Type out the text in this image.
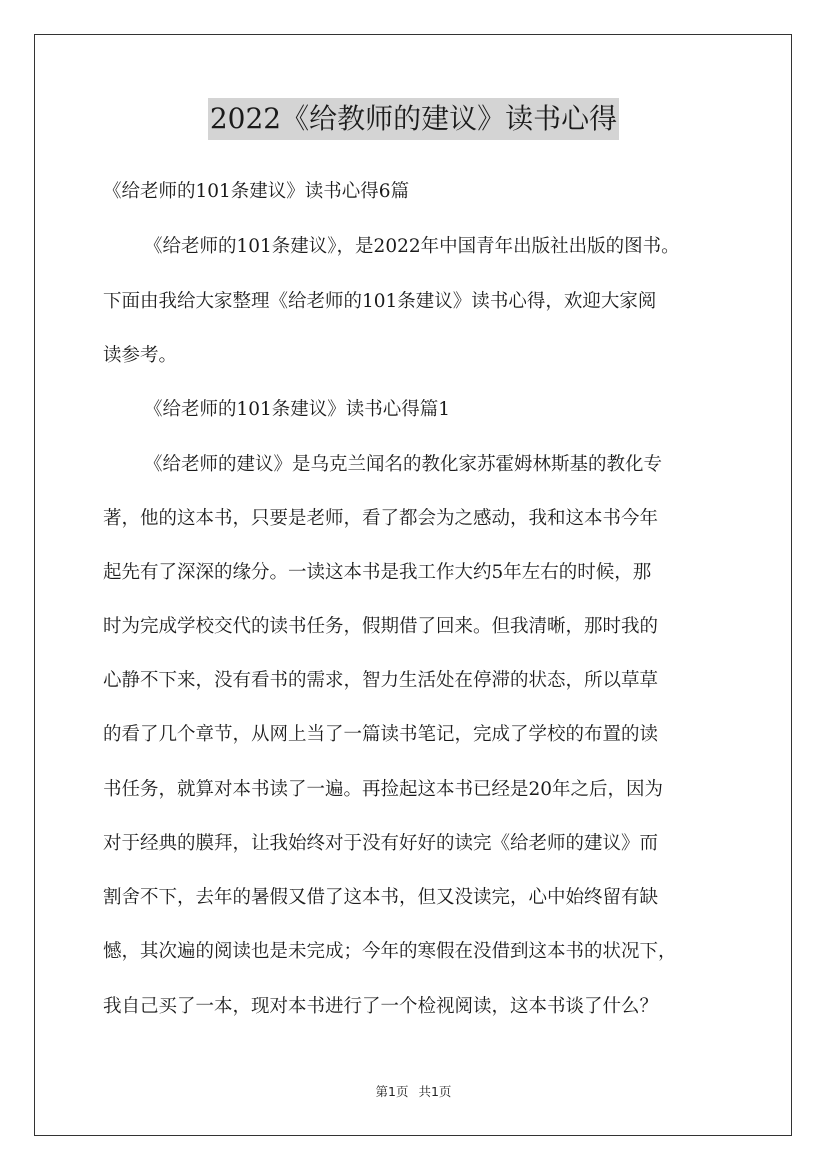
2022《给教师的建议》读书心得
《给老师的101条建议》读书心得6篇
《给老师的101条建议》，是2022年中国青年出版社出版的图书。
下面由我给大家整理《给老师的101条建议》读书心得，欢迎大家阅
读参考。
《给老师的101条建议》读书心得篇1
《给老师的建议》是乌克兰闻名的教化家苏霍姆林斯基的教化专
著，他的这本书，只要是老师，看了都会为之感动，我和这本书今年
起先有了深深的缘分。一读这本书是我工作大约5年左右的时候，那
时为完成学校交代的读书任务，假期借了回来。但我清晰，那时我的
心静不下来，没有看书的需求，智力生活处在停滞的状态，所以草草
的看了几个章节，从网上当了一篇读书笔记，完成了学校的布置的读
书任务，就算对本书读了一遍。再捡起这本书已经是20年之后，因为
对于经典的膜拜，让我始终对于没有好好的读完《给老师的建议》而
割舍不下，去年的暑假又借了这本书，但又没读完，心中始终留有缺
憾，其次遍的阅读也是未完成；今年的寒假在没借到这本书的状况下，
我自己买了一本，现对本书进行了一个检视阅读，这本书谈了什么？
第1页 共1页
